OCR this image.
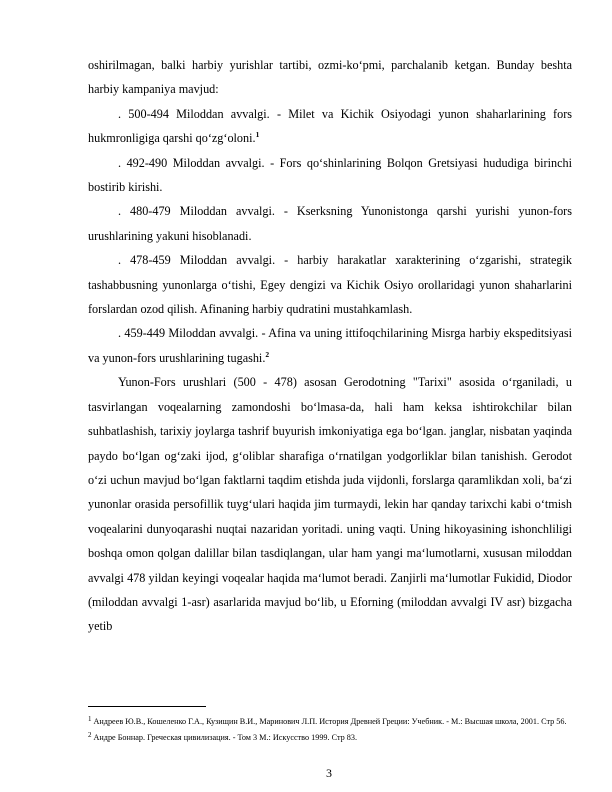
oshirilmagan, balki harbiy yurishlar tartibi, ozmi-ko‘pmi, parchalanib ketgan. Bunday beshta harbiy kampaniya mavjud:

. 500-494 Miloddan avvalgi. - Milet va Kichik Osiyodagi yunon shaharlarining fors hukmronligiga qarshi qo‘zg‘oloni.$^1$

. 492-490 Miloddan avvalgi. - Fors qo‘shinlarining Bolqon Gretsiyasi hududiga birinchi bostirib kirishi.

. 480-479 Miloddan avvalgi. - Kserksning Yunonistonga qarshi yurishi yunon-fors urushlarining yakuni hisoblanadi.

. 478-459 Miloddan avvalgi. - harbiy harakatlar xarakterining o‘zgarishi, strategik tashabbusning yunonlarga o‘tishi, Egey dengizi va Kichik Osiyo orollaridagi yunon shaharlarini forslardan ozod qilish. Afinaning harbiy qudratini mustahkamlash.

. 459-449 Miloddan avvalgi. - Afina va uning ittifoqchilarining Misrga harbiy ekspeditsiyasi va yunon-fors urushlarining tugashi.$^2$

Yunon-Fors urushlari (500 - 478) asosan Gerodotning "Tarixi" asosida o‘rganiladi, u tasvirlangan voqealarning zamondoshi bo‘lmasa-da, hali ham keksa ishtirokchilar bilan suhbatlashish, tarixiy joylarga tashrif buyurish imkoniyatiga ega bo‘lgan. janglar, nisbatan yaqinda paydo bo‘lgan og‘zaki ijod, g‘oliblar sharafiga o‘rnatilgan yodgorliklar bilan tanishish. Gerodot o‘zi uchun mavjud bo‘lgan faktlarni taqdim etishda juda vijdonli, forslarga qaramlikdan xoli, ba‘zi yunonlar orasida persofillik tuyg‘ulari haqida jim turmaydi, lekin har qanday tarixchi kabi o‘tmish voqealarini dunyoqarashi nuqtai nazaridan yoritadi. uning vaqti. Uning hikoyasining ishonchliligi boshqa omon qolgan dalillar bilan tasdiqlangan, ular ham yangi ma‘lumotlarni, xususan miloddan avvalgi 478 yildan keyingi voqealar haqida ma‘lumot beradi. Zanjirli ma‘lumotlar Fukidid, Diodor (miloddan avvalgi 1-asr) asarlarida mavjud bo‘lib, u Eforning (miloddan avvalgi IV asr) bizgacha yetib

$^1$ Андреев Ю.В., Кошеленко Г.А., Кузищин В.И., Маринович Л.П. История Древней Греции: Учебник. - М.: Высшая школа, 2001. Стр 56.

$^2$ Андре Боннар. Греческая цивилизация. - Том 3 М.: Искусство 1999. Стр 83.

3
